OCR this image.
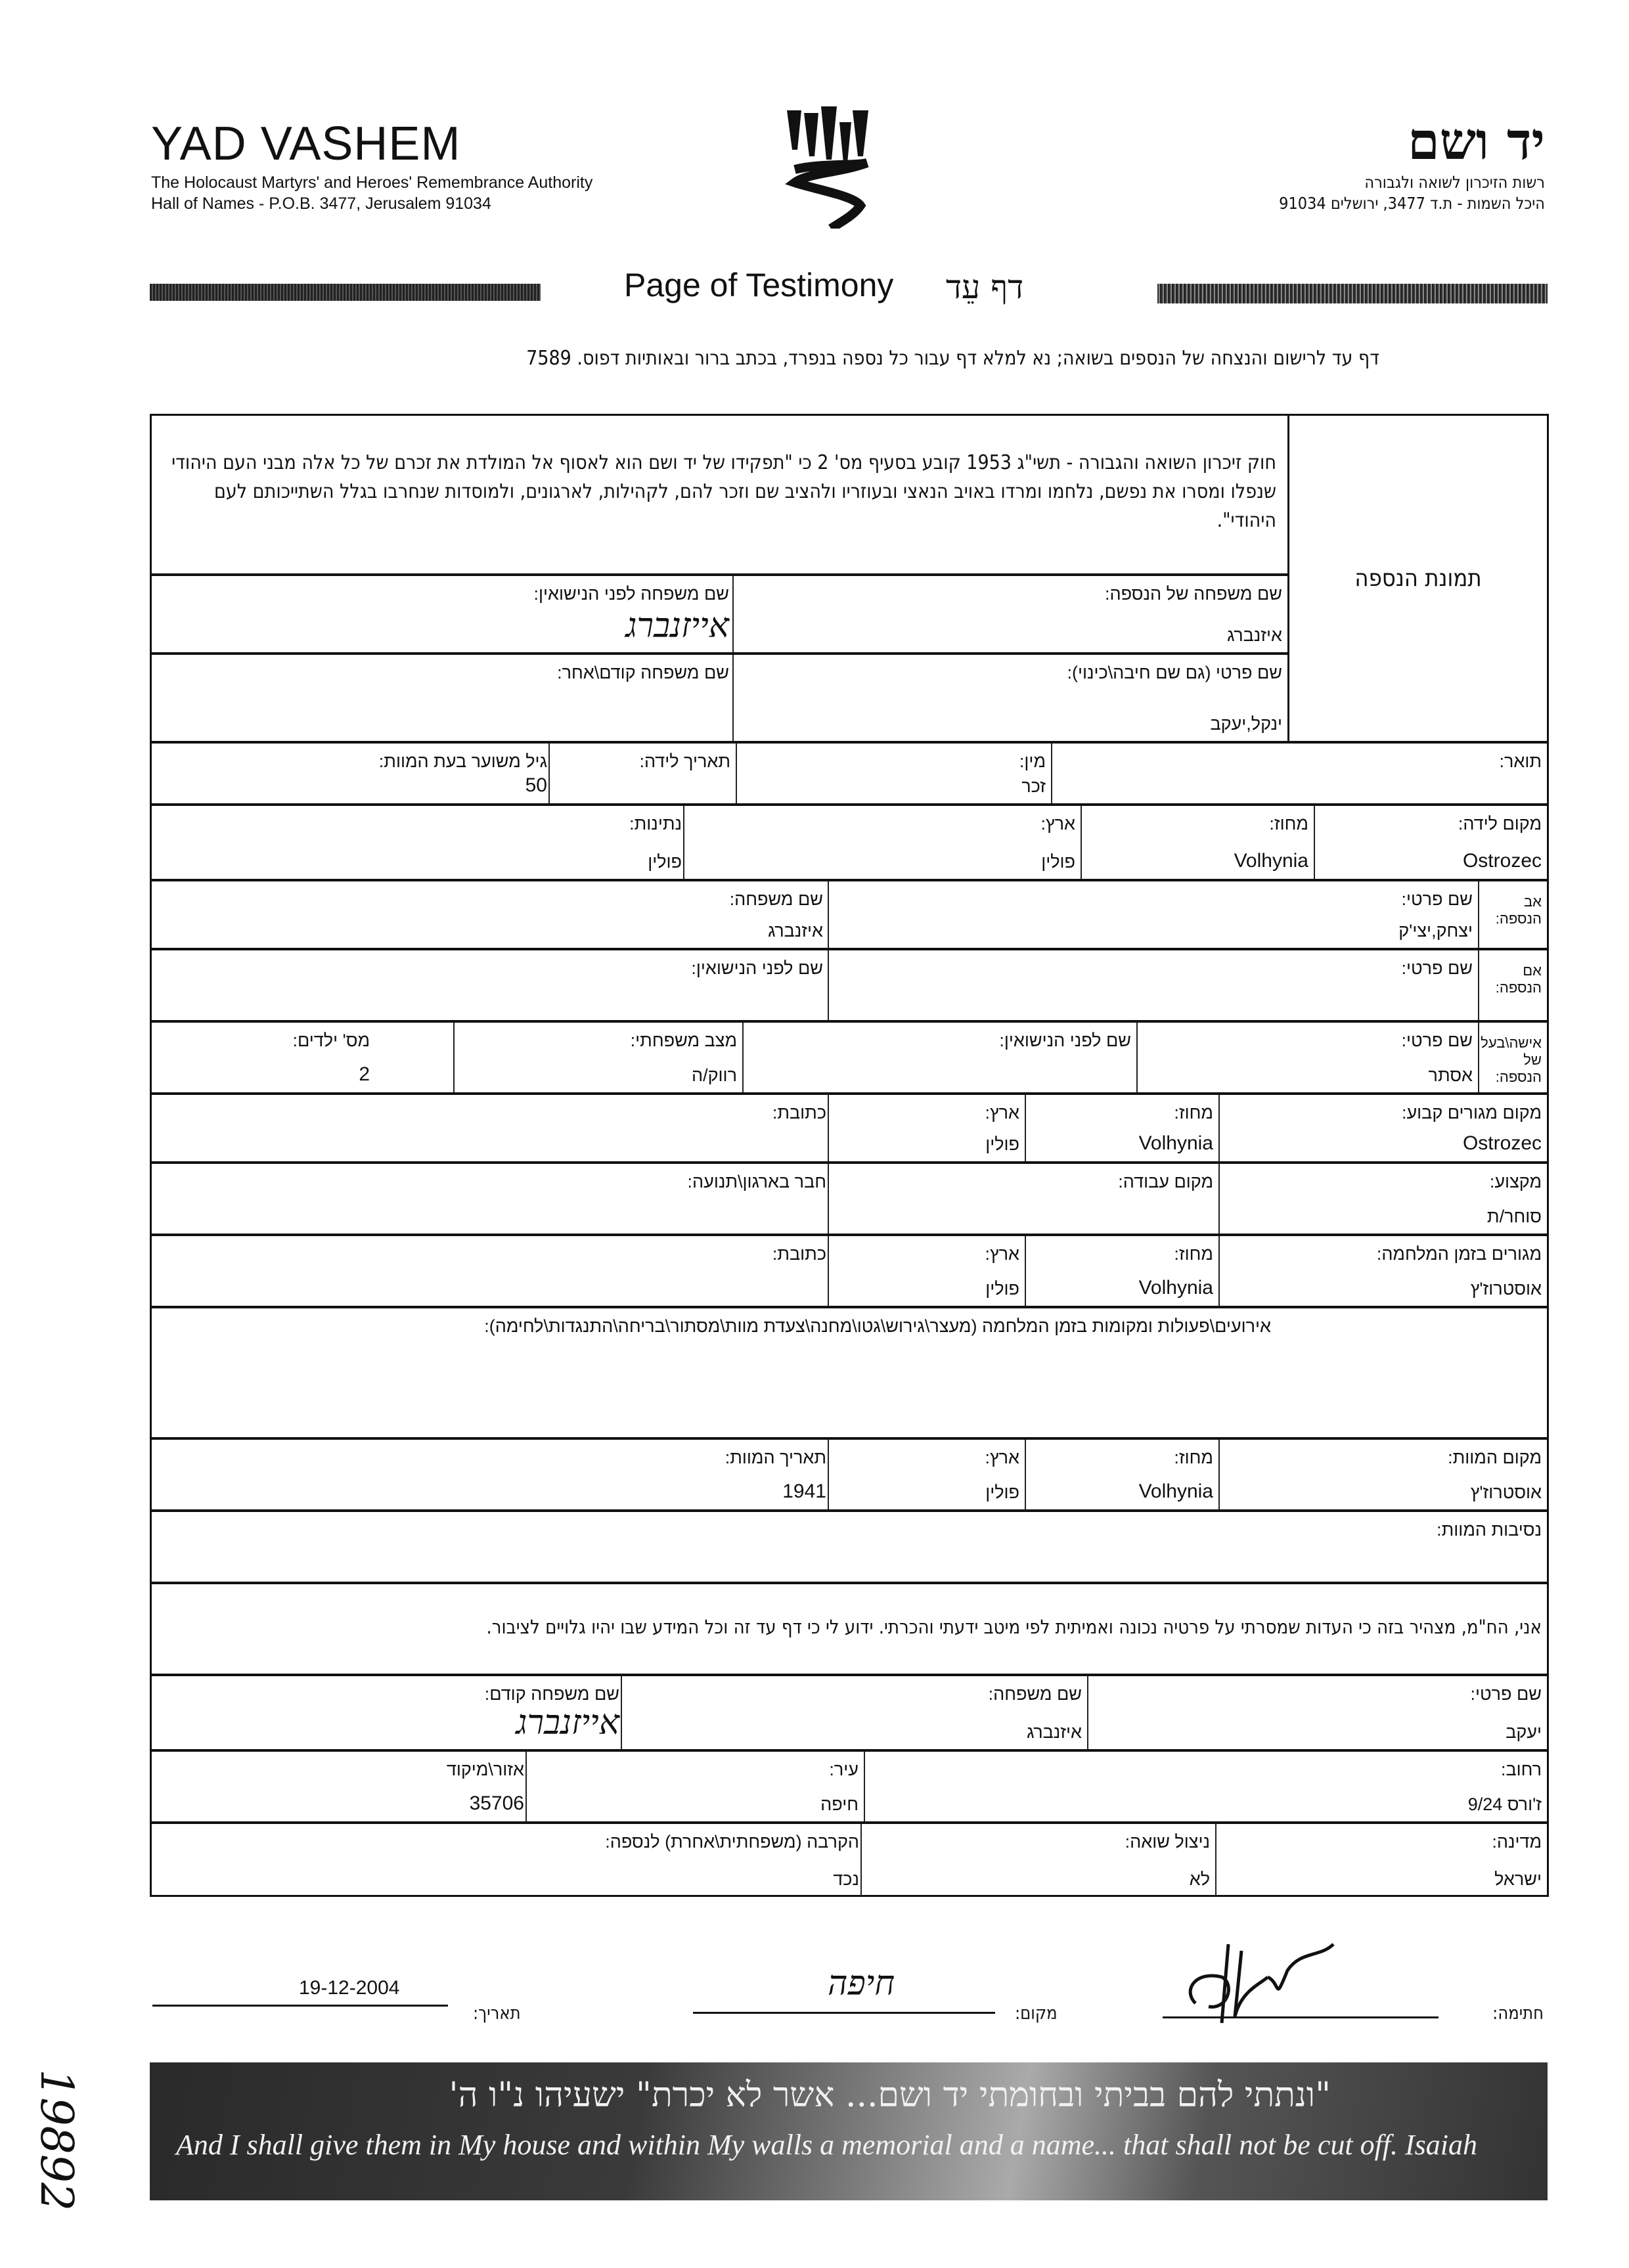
YAD VASHEM
The Holocaust Martyrs' and Heroes' Remembrance Authority
Hall of Names - P.O.B. 3477, Jerusalem 91034
יד ושם
רשות הזיכרון לשואה ולגבורה
היכל השמות - ת.ד 3477, ירושלים 91034
Page of Testimony דף עֵד
דף עד לרישום והנצחה של הנספים בשואה; נא למלא דף עבור כל נספה בנפרד, בכתב ברור ובאותיות דפוס. 7589
חוק זיכרון השואה והגבורה - תשי"ג 1953 קובע בסעיף מס' 2 כי "תפקידו של יד ושם הוא לאסוף אל המולדת את זכרם של כל אלה מבני העם היהודי שנפלו ומסרו את נפשם, נלחמו ומרדו באויב הנאצי ובעוזריו ולהציב שם וזכר להם, לקהילות, לארגונים, ולמוסדות שנחרבו בגלל השתייכותם לעם היהודי".
תמונת הנספה
שם משפחה של הנספה:
איזנברג
שם משפחה לפני הנישואין:
אייזנברג
שם פרטי (גם שם חיבה\כינוי):
ינקל,יעקב
שם משפחה קודם\אחר:
תואר:
מין:
זכר
תאריך לידה:
גיל משוער בעת המוות:
50
מקום לידה:
Ostrozec
מחוז:
Volhynia
ארץ:
פולין
נתינות:
פולין
אב הנספה:
שם פרטי:
יצחק,יצי'ק
שם משפחה:
איזנברג
אם הנספה:
שם פרטי:
שם לפני הנישואין:
אישה\בעל של הנספה:
שם פרטי:
אסתר
שם לפני הנישואין:
מצב משפחתי:
רווק/ה
מס' ילדים:
2
מקום מגורים קבוע:
Ostrozec
מחוז:
Volhynia
ארץ:
פולין
כתובת:
מקצוע:
סוחר/ת
מקום עבודה:
חבר בארגון\תנועה:
מגורים בזמן המלחמה:
אוסטרוז'ץ
מחוז:
Volhynia
ארץ:
פולין
כתובת:
אירועים\פעולות ומקומות בזמן המלחמה (מעצר\גירוש\גטו\מחנה\צעדת מוות\מסתור\בריחה\התנגדות\לחימה):
מקום המוות:
אוסטרוז'ץ
מחוז:
Volhynia
ארץ:
פולין
תאריך המוות:
1941
נסיבות המוות:
אני, הח"מ, מצהיר בזה כי העדות שמסרתי על פרטיה נכונה ואמיתית לפי מיטב ידעתי והכרתי. ידוע לי כי דף עד זה וכל המידע שבו יהיו גלויים לציבור.
שם פרטי:
יעקב
שם משפחה:
איזנברג
שם משפחה קודם:
אייזנברג
רחוב:
ז'ורס 9/24
עיר:
חיפה
אזור\מיקוד
35706
מדינה:
ישראל
ניצול שואה:
לא
הקרבה (משפחתית\אחרת) לנספה:
נכד
חתימה:
מקום:
חיפה
תאריך:
19-12-2004
"ונתתי להם בביתי ובחומתי יד ושם... אשר לא יכרת" ישעיהו נ"ו ה'
And I shall give them in My house and within My walls a memorial and a name... that shall not be cut off. Isaiah
19892
